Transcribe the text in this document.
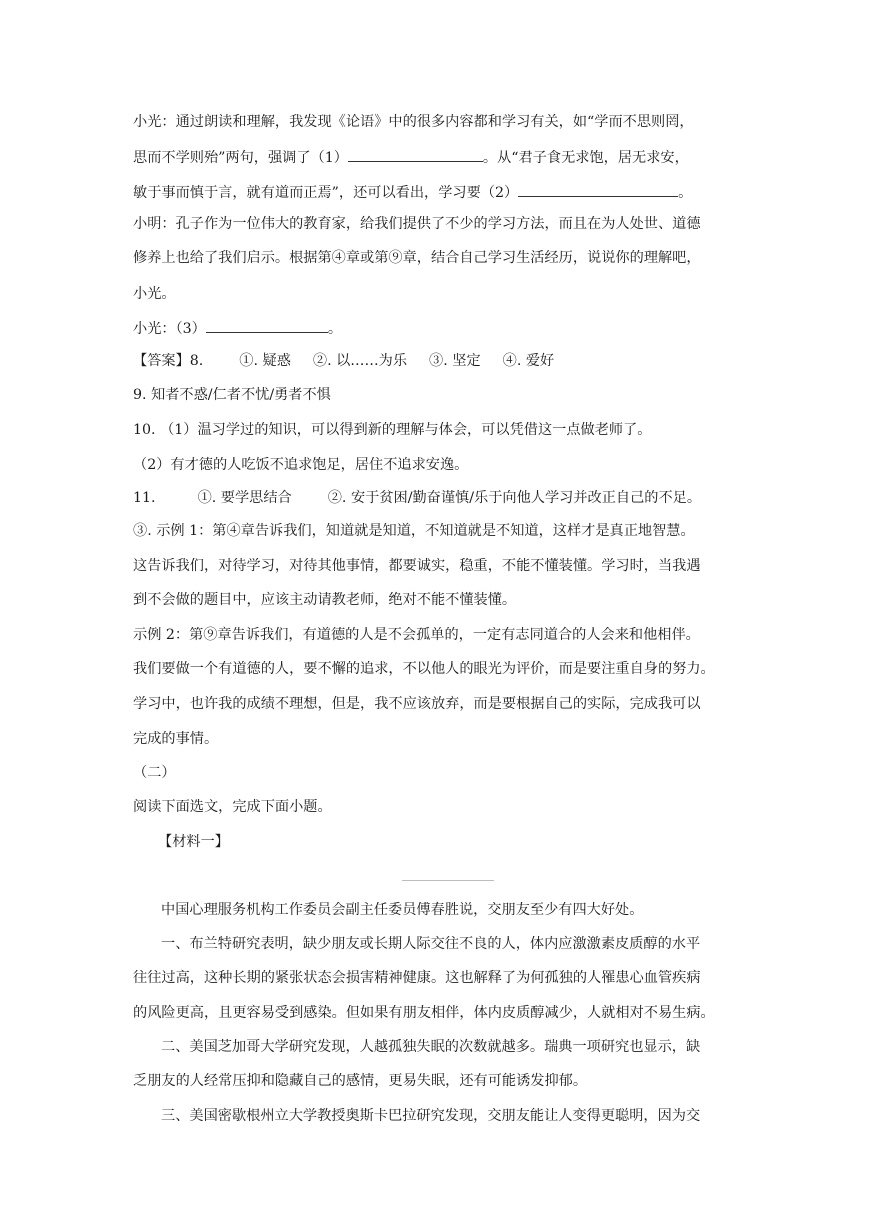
小光：通过朗读和理解，我发现《论语》中的很多内容都和学习有关，如“学而不思则罔，
思而不学则殆”两句，强调了（1）	。从“君子食无求饱，居无求安，
敏于事而慎于言，就有道而正焉”，还可以看出，学习要（2）	。
小明：孔子作为一位伟大的教育家，给我们提供了不少的学习方法，而且在为人处世、道德
修养上也给了我们启示。根据第④章或第⑨章，结合自己学习生活经历，说说你的理解吧，
小光。
小光：（3）	。
【答案】8.	①. 疑惑 ②. 以……为乐 ③. 坚定 ④. 爱好
9. 知者不惑/仁者不忧/勇者不惧
10. （1）温习学过的知识，可以得到新的理解与体会，可以凭借这一点做老师了。
（2）有才德的人吃饭不追求饱足，居住不追求安逸。
11.	①. 要学思结合	②. 安于贫困/勤奋谨慎/乐于向他人学习并改正自己的不足。
③. 示例 1：第④章告诉我们，知道就是知道，不知道就是不知道，这样才是真正地智慧。
这告诉我们，对待学习，对待其他事情，都要诚实，稳重，不能不懂装懂。学习时，当我遇
到不会做的题目中，应该主动请教老师，绝对不能不懂装懂。
示例 2：第⑨章告诉我们，有道德的人是不会孤单的，一定有志同道合的人会来和他相伴。
我们要做一个有道德的人，要不懈的追求，不以他人的眼光为评价，而是要注重自身的努力。
学习中，也许我的成绩不理想，但是，我不应该放弃，而是要根据自己的实际，完成我可以
完成的事情。
（二）
阅读下面选文，完成下面小题。
【材料一】
中国心理服务机构工作委员会副主任委员傅春胜说，交朋友至少有四大好处。
一、布兰特研究表明，缺少朋友或长期人际交往不良的人，体内应激激素皮质醇的水平
往往过高，这种长期的紧张状态会损害精神健康。这也解释了为何孤独的人罹患心血管疾病
的风险更高，且更容易受到感染。但如果有朋友相伴，体内皮质醇减少，人就相对不易生病。
二、美国芝加哥大学研究发现，人越孤独失眠的次数就越多。瑞典一项研究也显示，缺
乏朋友的人经常压抑和隐藏自己的感情，更易失眠，还有可能诱发抑郁。
三、美国密歇根州立大学教授奥斯卡巴拉研究发现，交朋友能让人变得更聪明，因为交
